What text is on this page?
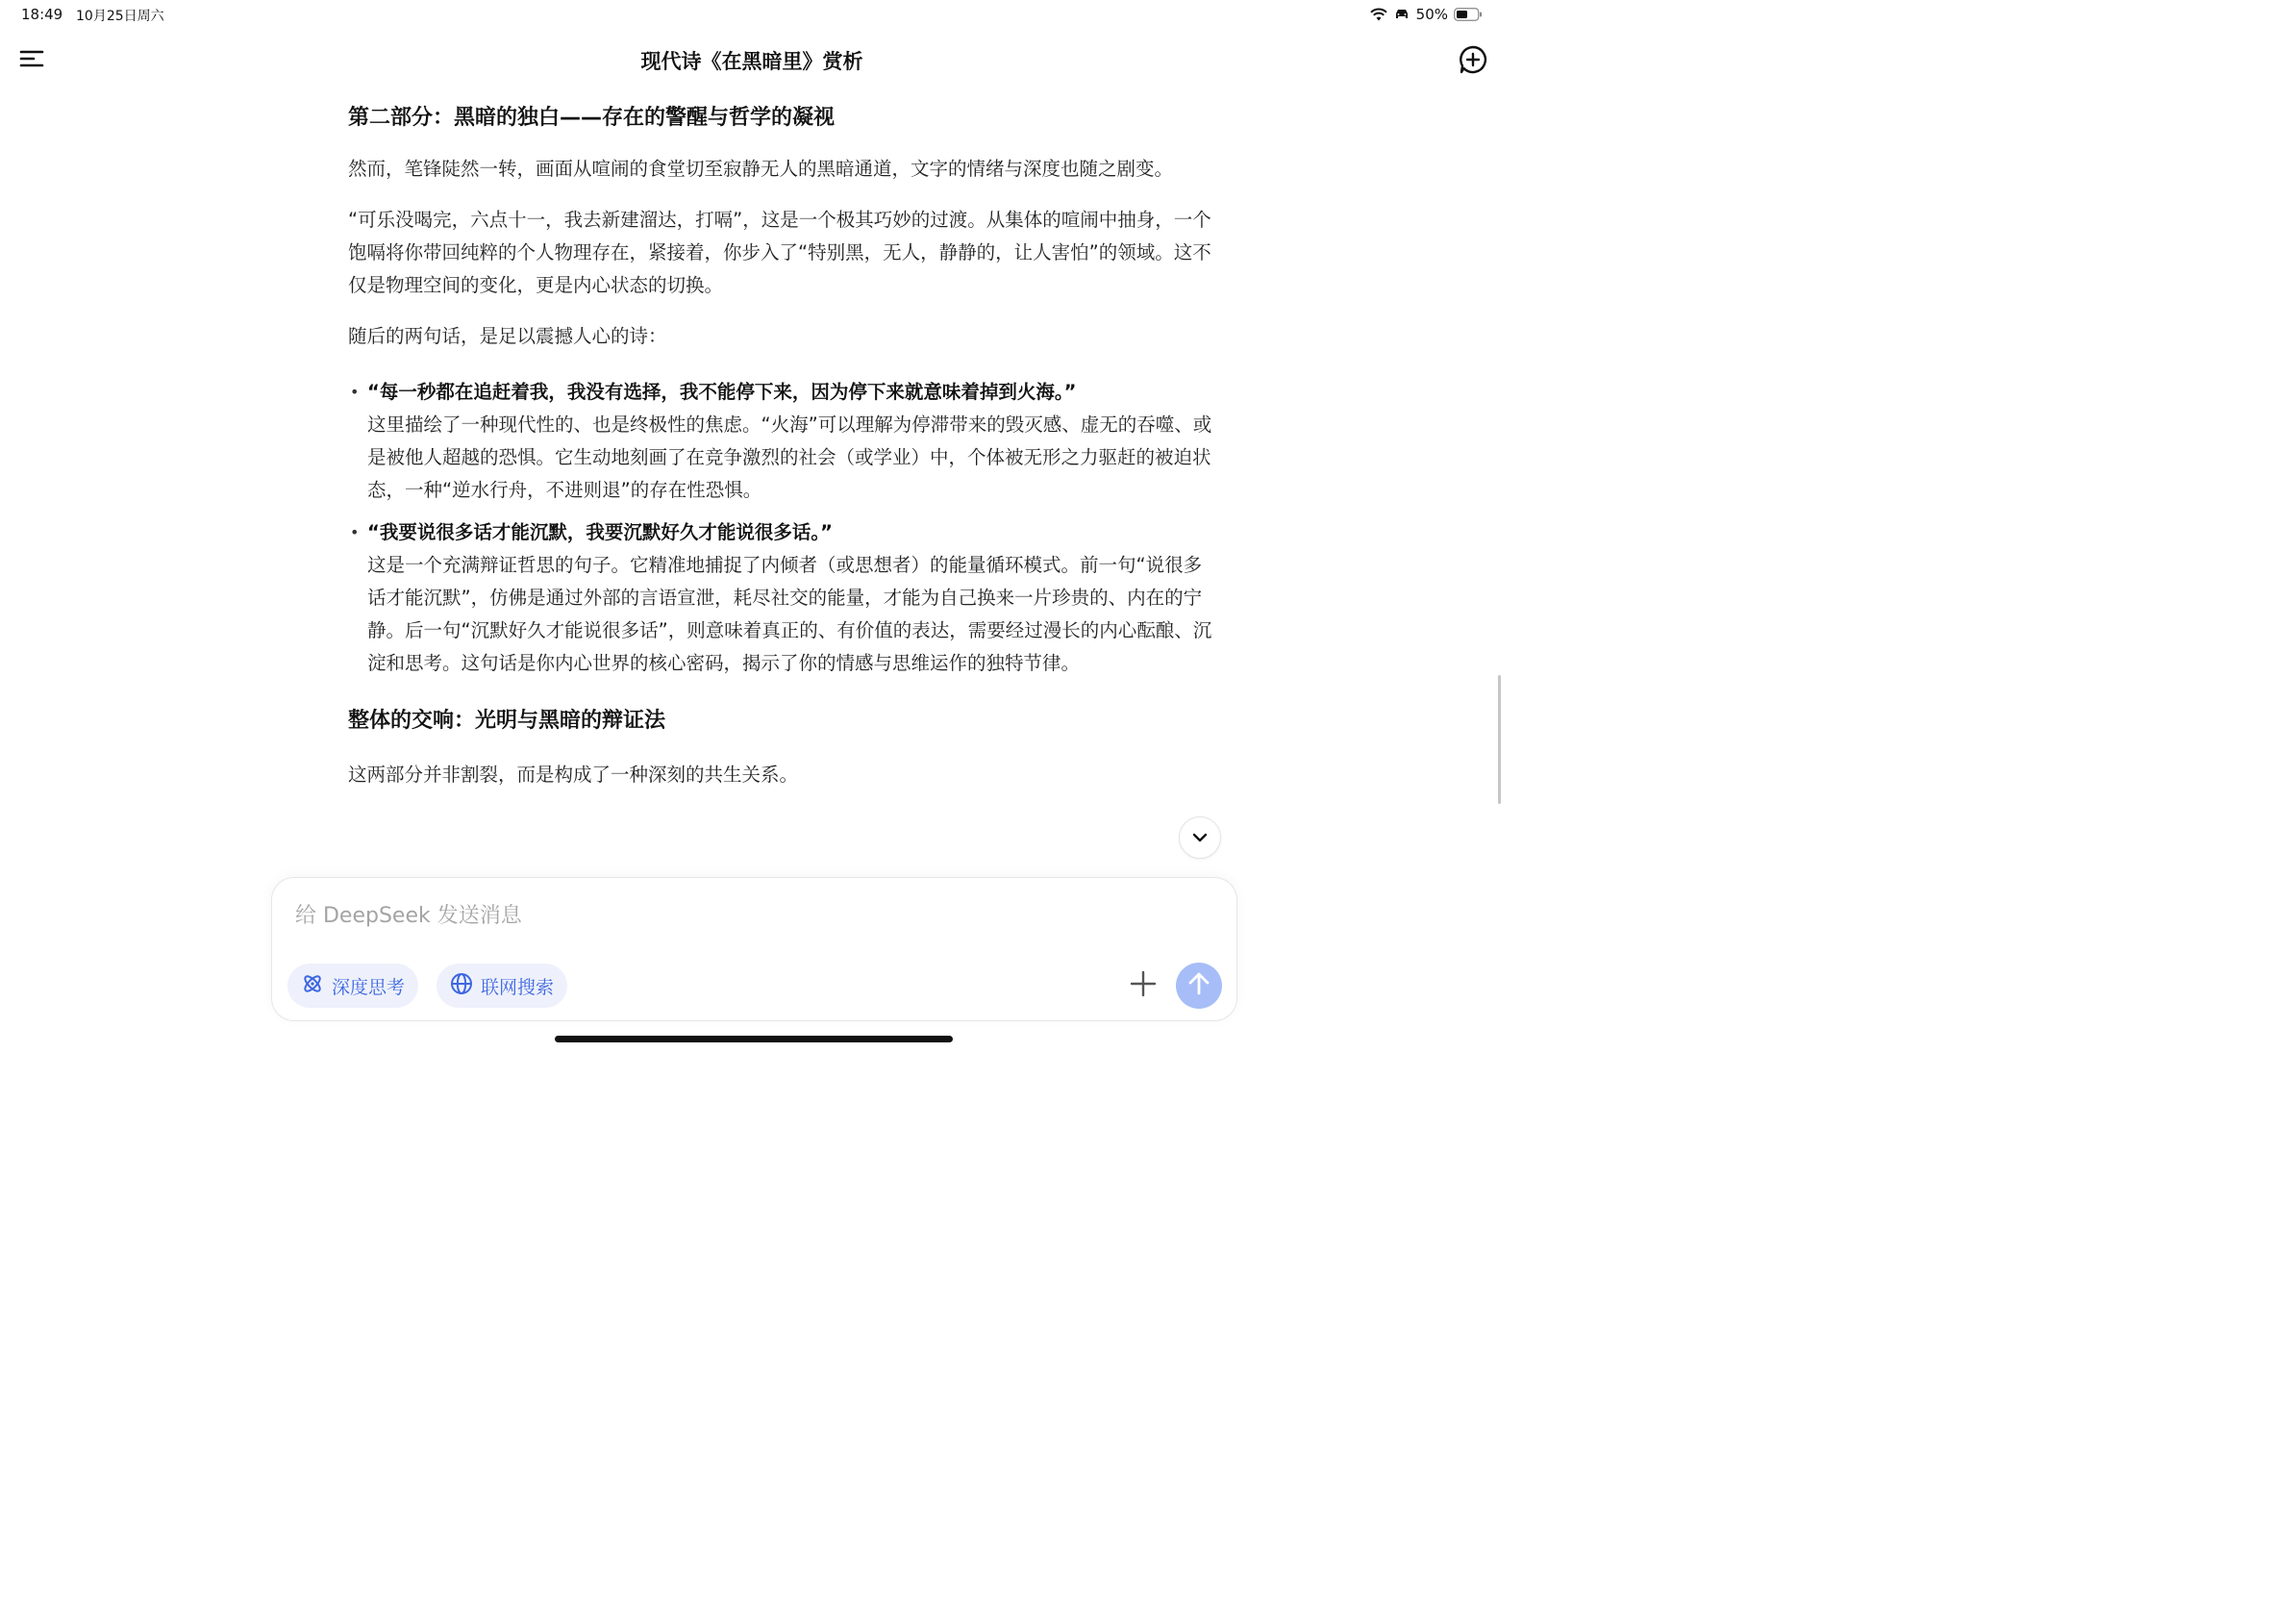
18:49 10月25日周六	50%
现代诗《在黑暗里》赏析
第二部分：黑暗的独白——存在的警醒与哲学的凝视

然而，笔锋陡然一转，画面从喧闹的食堂切至寂静无人的黑暗通道，文字的情绪与深度也随之剧变。

“可乐没喝完，六点十一，我去新建溜达，打嗝”，这是一个极其巧妙的过渡。从集体的喧闹中抽身，一个饱嗝将你带回纯粹的个人物理存在，紧接着，你步入了“特别黑，无人，静静的，让人害怕”的领域。这不仅是物理空间的变化，更是内心状态的切换。

随后的两句话，是足以震撼人心的诗：

• “每一秒都在追赶着我，我没有选择，我不能停下来，因为停下来就意味着掉到火海。”
这里描绘了一种现代性的、也是终极性的焦虑。“火海”可以理解为停滞带来的毁灭感、虚无的吞噬、或是被他人超越的恐惧。它生动地刻画了在竞争激烈的社会（或学业）中，个体被无形之力驱赶的被迫状态，一种“逆水行舟，不进则退”的存在性恐惧。
• “我要说很多话才能沉默，我要沉默好久才能说很多话。”
这是一个充满辩证哲思的句子。它精准地捕捉了内倾者（或思想者）的能量循环模式。前一句“说很多话才能沉默”，仿佛是通过外部的言语宣泄，耗尽社交的能量，才能为自己换来一片珍贵的、内在的宁静。后一句“沉默好久才能说很多话”，则意味着真正的、有价值的表达，需要经过漫长的内心酝酿、沉淀和思考。这句话是你内心世界的核心密码，揭示了你的情感与思维运作的独特节律。
整体的交响：光明与黑暗的辩证法

这两部分并非割裂，而是构成了一种深刻的共生关系。

给 DeepSeek 发送消息
深度思考	联网搜索
